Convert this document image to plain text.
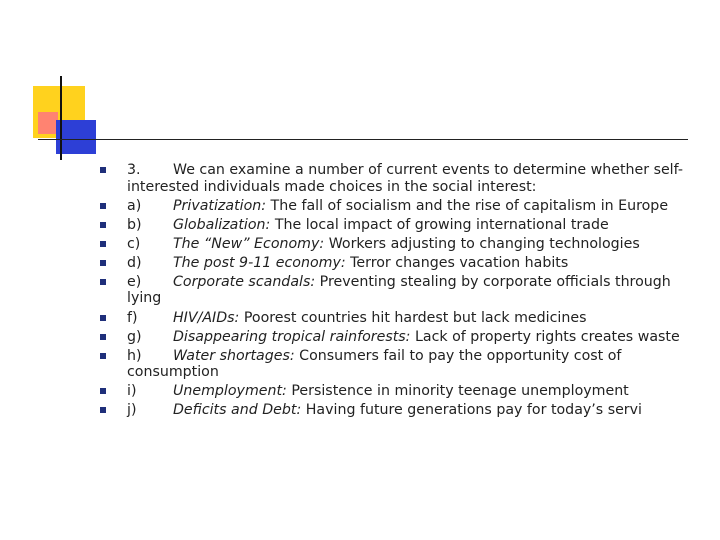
3. We can examine a number of current events to determine whether self-interested individuals made choices in the social interest:
a) Privatization: The fall of socialism and the rise of capitalism in Europe
b) Globalization: The local impact of growing international trade
c) The “New” Economy: Workers adjusting to changing technologies
d) The post 9-11 economy: Terror changes vacation habits
e) Corporate scandals: Preventing stealing by corporate officials through lying
f) HIV/AIDs: Poorest countries hit hardest but lack medicines
g) Disappearing tropical rainforests: Lack of property rights creates waste
h) Water shortages: Consumers fail to pay the opportunity cost of consumption
i)	Unemployment: Persistence in minority teenage unemployment
j)	Deficits and Debt: Having future generations pay for today’s servi
